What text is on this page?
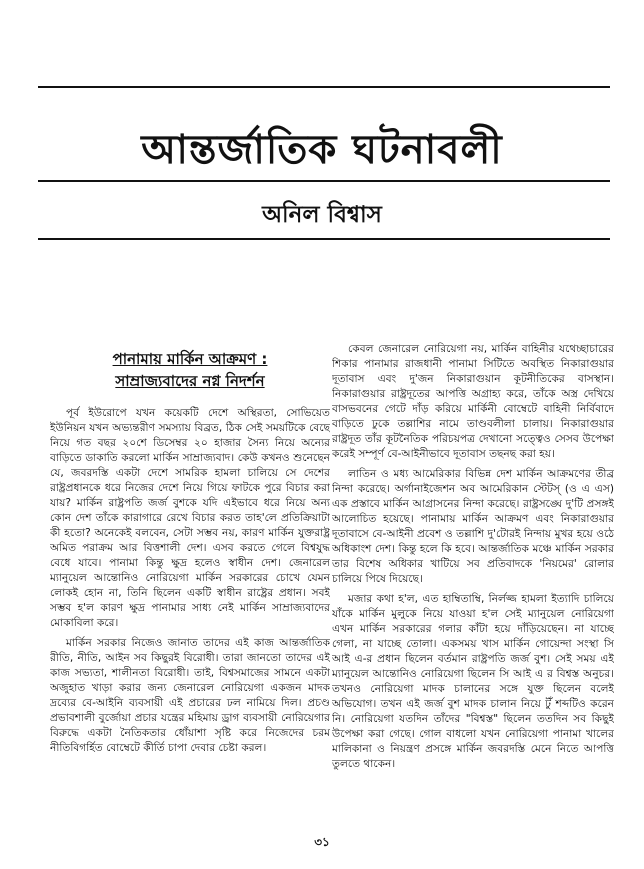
আন্তর্জাতিক ঘটনাবলী
অনিল বিশ্বাস
পানামায় মার্কিন আক্রমণ :
সাম্রাজ্যবাদের নগ্ন নিদর্শন

পূর্ব ইউরোপে যখন কয়েকটি দেশে অস্থিরতা, সোভিয়েত ইউনিয়ন যখন অভ্যন্তরীণ সমস্যায় বিব্রত, ঠিক সেই সময়টিকে বেছে নিয়ে গত বছর ২০শে ডিসেম্বর ২০ হাজার সৈন্য নিয়ে অন্যের বাড়িতে ডাকাতি করলো মার্কিন সাম্রাজ্যবাদ। কেউ কখনও শুনেছেন যে, জবরদস্তি একটা দেশে সামরিক হামলা চালিয়ে সে দেশের রাষ্ট্রপ্রধানকে ধরে নিজের দেশে নিয়ে গিয়ে ফাটকে পুরে বিচার করা যায়? মার্কিন রাষ্ট্রপতি জর্জ বুশকে যদি এইভাবে ধরে নিয়ে অন্য কোন দেশ তাঁকে কারাগারে রেখে বিচার করত তাহ'লে প্রতিক্রিয়াটা কী হতো? অনেকেই বলবেন, সেটা সম্ভব নয়, কারণ মার্কিন যুক্তরাষ্ট্র অমিত পরাক্রম আর বিত্তশালী দেশ। এসব করতে গেলে বিশ্বযুদ্ধ বেধে যাবে। পানামা কিন্তু ক্ষুদ্র হলেও স্বাধীন দেশ। জেনারেল ম্যানুয়েল আন্তোনিও নোরিয়েগা মার্কিন সরকারের চোখে যেমন লোকই হোন না, তিনি ছিলেন একটি স্বাধীন রাষ্ট্রের প্রধান। সবই সম্ভব হ'ল কারণ ক্ষুদ্র পানামার সাধ্য নেই মার্কিন সাম্রাজ্যবাদের মোকাবিলা করে।

মার্কিন সরকার নিজেও জানাত তাদের এই কাজ আন্তর্জাতিক রীতি, নীতি, আইন সব কিছুরই বিরোধী। তারা জানতো তাদের এই কাজ সভ্যতা, শালীনতা বিরোধী। তাই, বিশ্বসমাজের সামনে একটা অজুহাত খাড়া করার জন্য জেনারেল নোরিয়েগা একজন মাদক দ্রব্যের বে-আইনি ব্যবসায়ী এই প্রচারের ঢল নামিয়ে দিল। প্রচণ্ড প্রভাবশালী বুর্জোয়া প্রচার যন্ত্রের মহিমায় ড্রাগ ব্যবসায়ী নোরিয়েগার বিরুদ্ধে একটা নৈতিকতার ধোঁয়াশা সৃষ্টি করে নিজেদের চরম নীতিবিগর্হিত বোম্বেটে কীর্তি চাপা দেবার চেষ্টা করল।

কেবল জেনারেল নোরিয়েগা নয়, মার্কিন বাহিনীর যথেচ্ছাচারের শিকার পানামার রাজধানী পানামা সিটিতে অবস্থিত নিকারাগুয়ার দূতাবাস এবং দু'জন নিকারাগুয়ান কূটনীতিকের বাসস্থান। নিকারাগুয়ার রাষ্ট্রদূতের আপত্তি অগ্রাহ্য করে, তাঁকে অস্ত্র দেখিয়ে বাসভবনের গেটে দাঁড় করিয়ে মার্কিনী বোম্বেটে বাহিনী নির্বিবাদে বাড়িতে ঢুকে তল্লাশির নামে তাণ্ডবলীলা চালায়। নিকারাগুয়ার রাষ্ট্রদূত তাঁর কূটনৈতিক পরিচয়পত্র দেখানো সত্ত্বেও সেসব উপেক্ষা করেই সম্পূর্ণ বে-আইনীভাবে দূতাবাস তছনছ করা হয়।

লাতিন ও মধ্য আমেরিকার বিভিন্ন দেশ মার্কিন আক্রমণের তীব্র নিন্দা করেছে। অর্গানাইজেশন অব আমেরিকান স্টেটস্ (ও এ এস) এক প্রস্তাবে মার্কিন আগ্রাসনের নিন্দা করেছে। রাষ্ট্রসঙ্ঘে দু'টি প্রসঙ্গই আলোচিত হয়েছে। পানামায় মার্কিন আক্রমণ এবং নিকারাগুয়ার দূতাবাসে বে-আইনী প্রবেশ ও তল্লাশি দু'টোরই নিন্দায় মুখর হয়ে ওঠে অধিকাংশ দেশ। কিন্তু হলে কি হবে। আন্তর্জাতিক মঞ্চে মার্কিন সরকার তার বিশেষ অধিকার খাটিয়ে সব প্রতিবাদকে 'নিয়মের' রোলার চালিয়ে পিষে দিয়েছে।

মজার কথা হ'ল, এত হাম্বিতাম্বি, নির্লজ্জ হামলা ইত্যাদি চালিয়ে যাঁকে মার্কিন মুলুকে নিয়ে যাওয়া হ'ল সেই ম্যানুয়েল নোরিয়েগা এখন মার্কিন সরকারের গলার কাঁটা হয়ে দাঁড়িয়েছেন। না যাচ্ছে গেলা, না যাচ্ছে তোলা। একসময় খাস মার্কিন গোয়েন্দা সংস্থা সি আই এ-র প্রধান ছিলেন বর্তমান রাষ্ট্রপতি জর্জ বুশ। সেই সময় এই ম্যানুয়েল আন্তোনিও নোরিয়েগা ছিলেন সি আই এ র বিশ্বস্ত অনুচর। তখনও নোরিয়েগা মাদক চালানের সঙ্গে যুক্ত ছিলেন বলেই অভিযোগ। তখন এই জর্জ বুশ মাদক চালান নিয়ে টুঁ শব্দটিও করেন নি। নোরিয়েগা যতদিন তাঁদের "বিশ্বস্ত" ছিলেন ততদিন সব কিছুই উপেক্ষা করা গেছে। গোল বাধলো যখন নোরিয়েগা পানামা খালের মালিকানা ও নিয়ন্ত্রণ প্রসঙ্গে মার্কিন জবরদস্তি মেনে নিতে আপত্তি তুলতে থাকেন।

৩১
